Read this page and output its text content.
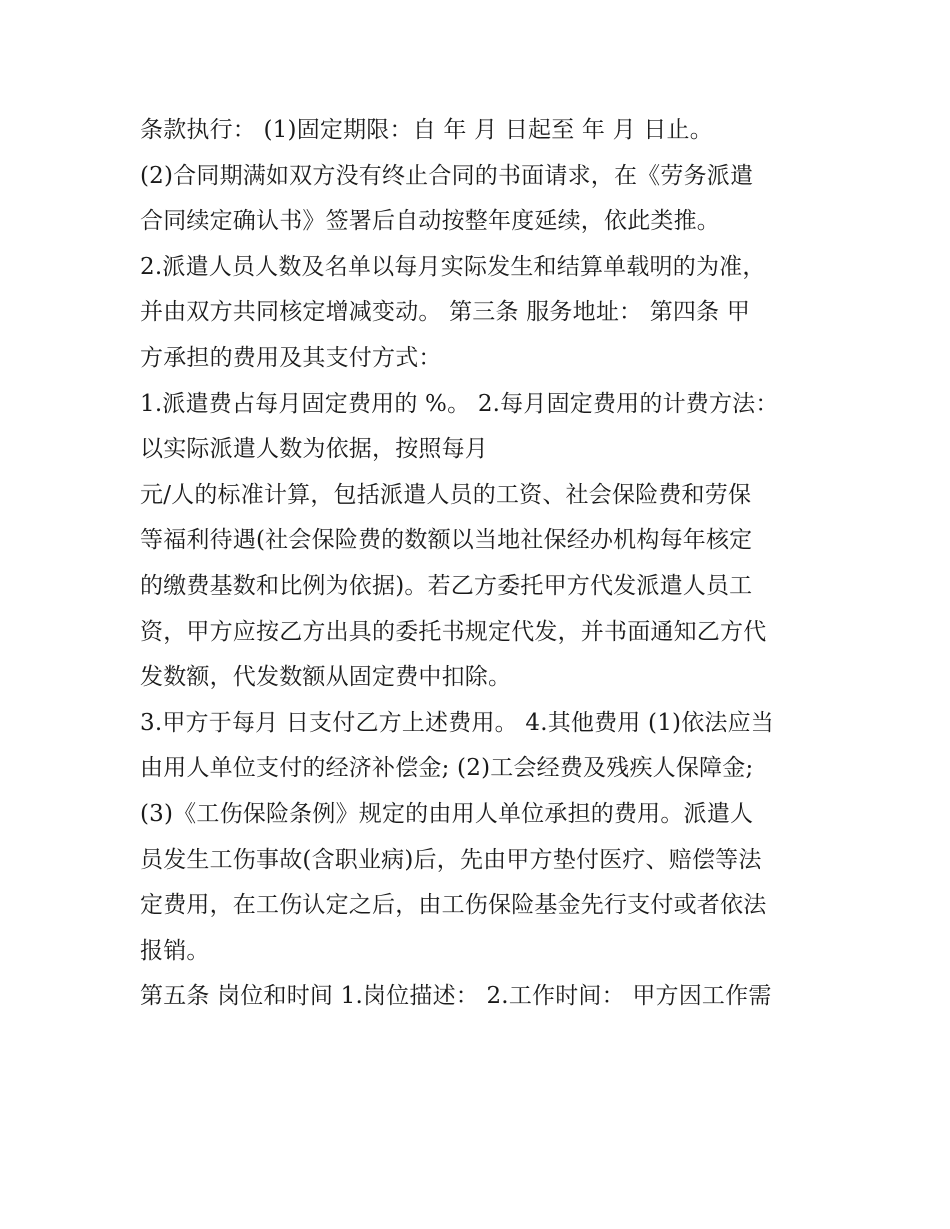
条款执行： (1)固定期限：自 年 月 日起至 年 月 日止。
(2)合同期满如双方没有终止合同的书面请求，在《劳务派遣
合同续定确认书》签署后自动按整年度延续，依此类推。
2.派遣人员人数及名单以每月实际发生和结算单载明的为准，
并由双方共同核定增减变动。 第三条 服务地址： 第四条 甲
方承担的费用及其支付方式：
1.派遣费占每月固定费用的 %。 2.每月固定费用的计费方法：
以实际派遣人数为依据，按照每月
元/人的标准计算，包括派遣人员的工资、社会保险费和劳保
等福利待遇(社会保险费的数额以当地社保经办机构每年核定
的缴费基数和比例为依据)。若乙方委托甲方代发派遣人员工
资，甲方应按乙方出具的委托书规定代发，并书面通知乙方代
发数额，代发数额从固定费中扣除。
3.甲方于每月 日支付乙方上述费用。 4.其他费用 (1)依法应当
由用人单位支付的经济补偿金; (2)工会经费及残疾人保障金;
(3)《工伤保险条例》规定的由用人单位承担的费用。派遣人
员发生工伤事故(含职业病)后，先由甲方垫付医疗、赔偿等法
定费用，在工伤认定之后，由工伤保险基金先行支付或者依法
报销。
第五条 岗位和时间 1.岗位描述： 2.工作时间： 甲方因工作需
